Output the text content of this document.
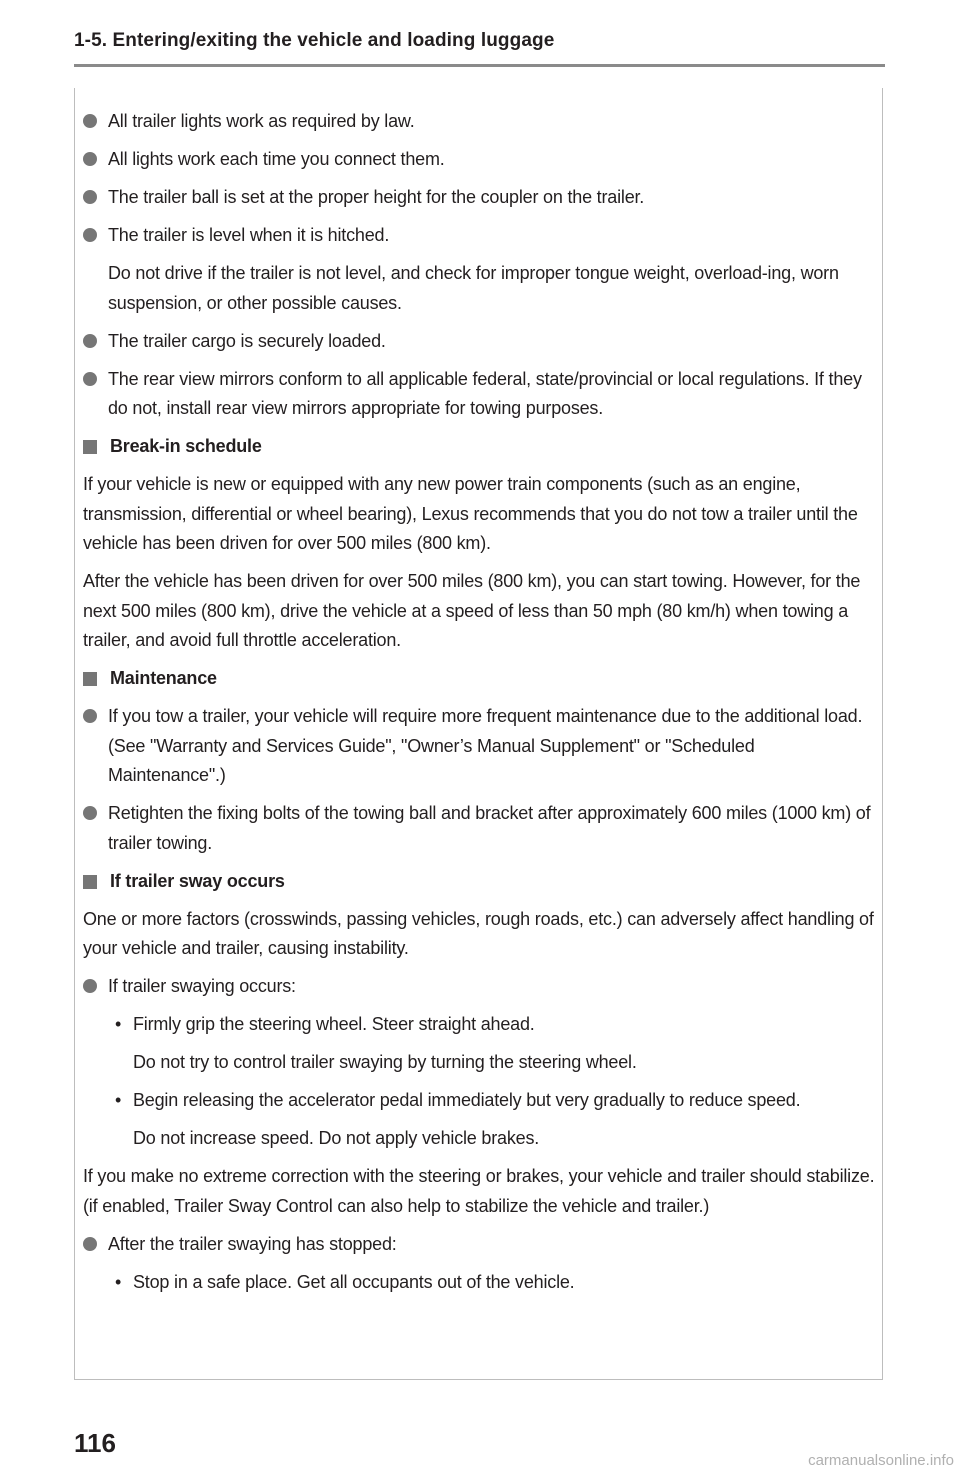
1-5. Entering/exiting the vehicle and loading luggage
All trailer lights work as required by law.
All lights work each time you connect them.
The trailer ball is set at the proper height for the coupler on the trailer.
The trailer is level when it is hitched.
Do not drive if the trailer is not level, and check for improper tongue weight, overload-ing, worn suspension, or other possible causes.
The trailer cargo is securely loaded.
The rear view mirrors conform to all applicable federal, state/provincial or local regulations. If they do not, install rear view mirrors appropriate for towing purposes.
Break-in schedule
If your vehicle is new or equipped with any new power train components (such as an engine, transmission, differential or wheel bearing), Lexus recommends that you do not tow a trailer until the vehicle has been driven for over 500 miles (800 km).
After the vehicle has been driven for over 500 miles (800 km), you can start towing. However, for the next 500 miles (800 km), drive the vehicle at a speed of less than 50 mph (80 km/h) when towing a trailer, and avoid full throttle acceleration.
Maintenance
If you tow a trailer, your vehicle will require more frequent maintenance due to the additional load. (See "Warranty and Services Guide", "Owner’s Manual Supplement" or "Scheduled Maintenance".)
Retighten the fixing bolts of the towing ball and bracket after approximately 600 miles (1000 km) of trailer towing.
If trailer sway occurs
One or more factors (crosswinds, passing vehicles, rough roads, etc.) can adversely affect handling of your vehicle and trailer, causing instability.
If trailer swaying occurs:
• Firmly grip the steering wheel. Steer straight ahead.
Do not try to control trailer swaying by turning the steering wheel.
• Begin releasing the accelerator pedal immediately but very gradually to reduce speed.
Do not increase speed. Do not apply vehicle brakes.
If you make no extreme correction with the steering or brakes, your vehicle and trailer should stabilize. (if enabled, Trailer Sway Control can also help to stabilize the vehicle and trailer.)
After the trailer swaying has stopped:
• Stop in a safe place. Get all occupants out of the vehicle.
116
carmanualsonline.info
